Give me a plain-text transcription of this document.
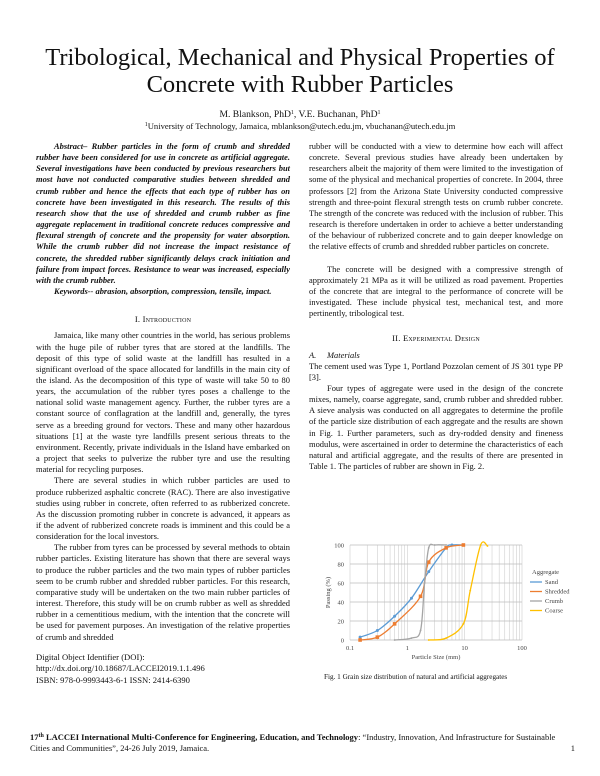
Tribological, Mechanical and Physical Properties of
Concrete with Rubber Particles
M. Blankson, PhD$^1$, V.E. Buchanan, PhD$^1$
$^1$University of Technology, Jamaica, mblankson@utech.edu.jm, vbuchanan@utech.edu.jm

Abstract– Rubber particles in the form of crumb and shredded rubber have been considered for use in concrete as artificial aggregate. Several investigations have been conducted by previous researchers but most have not conducted comparative studies between shredded and crumb rubber and hence the effects that each type of rubber has on concrete have been investigated in this research. The results of this research show that the use of shredded and crumb rubber as fine aggregate replacement in traditional concrete reduces compressive and flexural strength of concrete and the propensity for water absorption. While the crumb rubber did not increase the impact resistance of concrete, the shredded rubber significantly delays crack initiation and failure from impact forces. Resistance to wear was increased, especially with the crumb rubber.

Keywords-- abrasion, absorption, compression, tensile, impact.

I. Introduction

Jamaica, like many other countries in the world, has serious problems with the huge pile of rubber tyres that are stored at the landfills. The deposit of this type of solid waste at the landfill has resulted in a significant overload of the space allocated for landfills in the main city of the island. As the decomposition of this type of waste will take 50 to 80 years, the accumulation of the rubber tyres poses a challenge to the national solid waste management agency. Further, the rubber tyres are a constant source of conflagration at the landfill and, generally, the tyres serve as a breeding ground for vectors. These and many other hazardous situations [1] at the waste tyre landfills present serious threats to the environment. Recently, private individuals in the Island have embarked on a project that seeks to pulverize the rubber tyre and use the resulting material for recycling purposes.

There are several studies in which rubber particles are used to produce rubberized asphaltic concrete (RAC). There are also investigative studies using rubber in concrete, often referred to as rubberized concrete. As the discussion promoting rubber in concrete is advanced, it appears as if the advent of rubberized concrete roads is imminent and this could be a consideration for the local investors.

The rubber from tyres can be processed by several methods to obtain rubber particles. Existing literature has shown that there are several ways to produce the rubber particles and the two main types of rubber particles seem to be crumb rubber and shredded rubber particles. For this research, comparative study will be undertaken on the two main rubber particles of interest. Therefore, this study will be on crumb rubber as well as shredded rubber in a cementitious medium, with the intention that the concrete will be used for pavement purposes. An investigation of the relative properties of crumb and shredded

Digital Object Identifier (DOI):

http://dx.doi.org/10.18687/LACCEI2019.1.1.496

ISBN: 978-0-9993443-6-1 ISSN: 2414-6390

rubber will be conducted with a view to determine how each will affect concrete. Several previous studies have already been undertaken by researchers albeit the majority of them were limited to the investigation of some of the physical and mechanical properties of concrete. In 2004, three professors [2] from the Arizona State University conducted compressive strength and three-point flexural strength tests on crumb rubber concrete. The strength of the concrete was reduced with the inclusion of rubber. This research is therefore undertaken in order to achieve a better understanding of the behaviour of rubberized concrete and to gain deeper knowledge on the relative effects of crumb and shredded rubber particles on concrete.

The concrete will be designed with a compressive strength of approximately 21 MPa as it will be utilized as road pavement. Properties of the concrete that are integral to the performance of concrete will be investigated. These include physical test, mechanical test, and more pertinently, tribological test.

II. Experimental Design
A. Materials

The cement used was Type 1, Portland Pozzolan cement of JS 301 type PP [3].

Four types of aggregate were used in the design of the concrete mixes, namely, coarse aggregate, sand, crumb rubber and shredded rubber. A sieve analysis was conducted on all aggregates to determine the profile of the particle size distribution of each aggregate and the results are shown in Fig. 1. Further parameters, such as dry-rodded density and fineness modulus, were ascertained in order to determine the characteristics of each natural and artificial aggregate, and the results of there are presented in Table 1. The particles of rubber are shown in Fig. 2.

0
20
40
60
80
100
0.1	1	10	100
Particle Size (mm)
Passing (%)
Aggregate
Sand
Shredded
Crumb
Coarse
Fig. 1 Grain size distribution of natural and artificial aggregates
17th LACCEI International Multi-Conference for Engineering, Education, and Technology: “Industry, Innovation, And Infrastructure for Sustainable Cities and Communities”, 24-26 July 2019, Jamaica.	1
